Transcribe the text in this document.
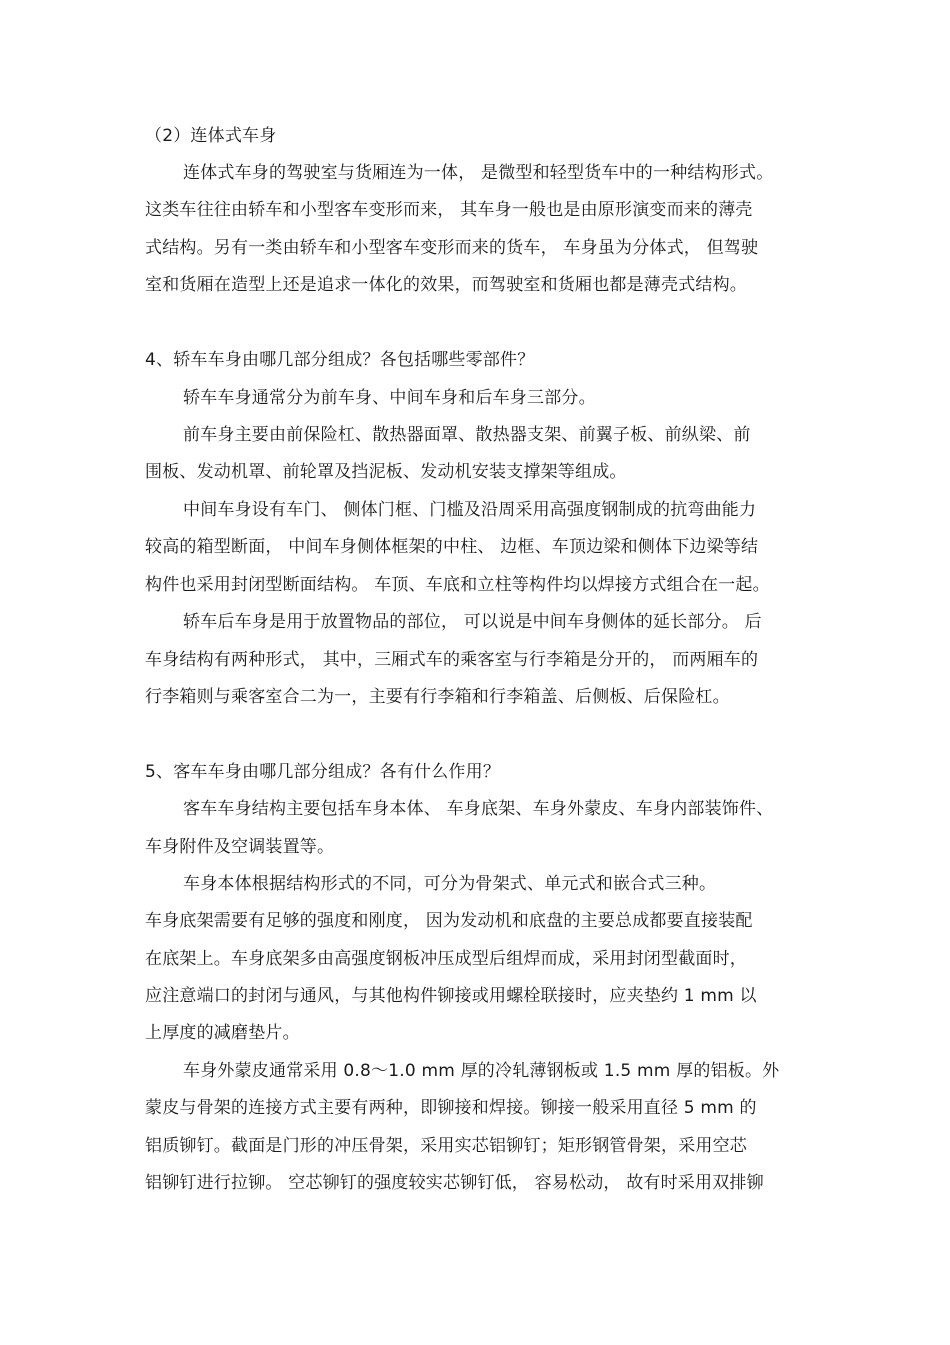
（2）连体式车身
连体式车身的驾驶室与货厢连为一体， 是微型和轻型货车中的一种结构形式。
这类车往往由轿车和小型客车变形而来， 其车身一般也是由原形演变而来的薄壳
式结构。另有一类由轿车和小型客车变形而来的货车， 车身虽为分体式， 但驾驶
室和货厢在造型上还是追求一体化的效果，而驾驶室和货厢也都是薄壳式结构。
4、轿车车身由哪几部分组成？各包括哪些零部件？
轿车车身通常分为前车身、中间车身和后车身三部分。
前车身主要由前保险杠、散热器面罩、散热器支架、前翼子板、前纵梁、前
围板、发动机罩、前轮罩及挡泥板、发动机安装支撑架等组成。
中间车身设有车门、 侧体门框、门槛及沿周采用高强度钢制成的抗弯曲能力
较高的箱型断面， 中间车身侧体框架的中柱、 边框、车顶边梁和侧体下边梁等结
构件也采用封闭型断面结构。 车顶、车底和立柱等构件均以焊接方式组合在一起。
轿车后车身是用于放置物品的部位， 可以说是中间车身侧体的延长部分。 后
车身结构有两种形式， 其中，三厢式车的乘客室与行李箱是分开的， 而两厢车的
行李箱则与乘客室合二为一，主要有行李箱和行李箱盖、后侧板、后保险杠。
5、客车车身由哪几部分组成？各有什么作用？
客车车身结构主要包括车身本体、 车身底架、车身外蒙皮、车身内部装饰件、
车身附件及空调装置等。
车身本体根据结构形式的不同，可分为骨架式、单元式和嵌合式三种。
车身底架需要有足够的强度和刚度， 因为发动机和底盘的主要总成都要直接装配
在底架上。车身底架多由高强度钢板冲压成型后组焊而成，采用封闭型截面时，
应注意端口的封闭与通风，与其他构件铆接或用螺栓联接时，应夹垫约 1 mm 以
上厚度的减磨垫片。
车身外蒙皮通常采用 0.8～1.0 mm 厚的冷轧薄钢板或 1.5 mm 厚的铝板。外
蒙皮与骨架的连接方式主要有两种，即铆接和焊接。铆接一般采用直径 5 mm 的
铝质铆钉。截面是门形的冲压骨架，采用实芯铝铆钉；矩形钢管骨架，采用空芯
铝铆钉进行拉铆。 空芯铆钉的强度较实芯铆钉低， 容易松动， 故有时采用双排铆
